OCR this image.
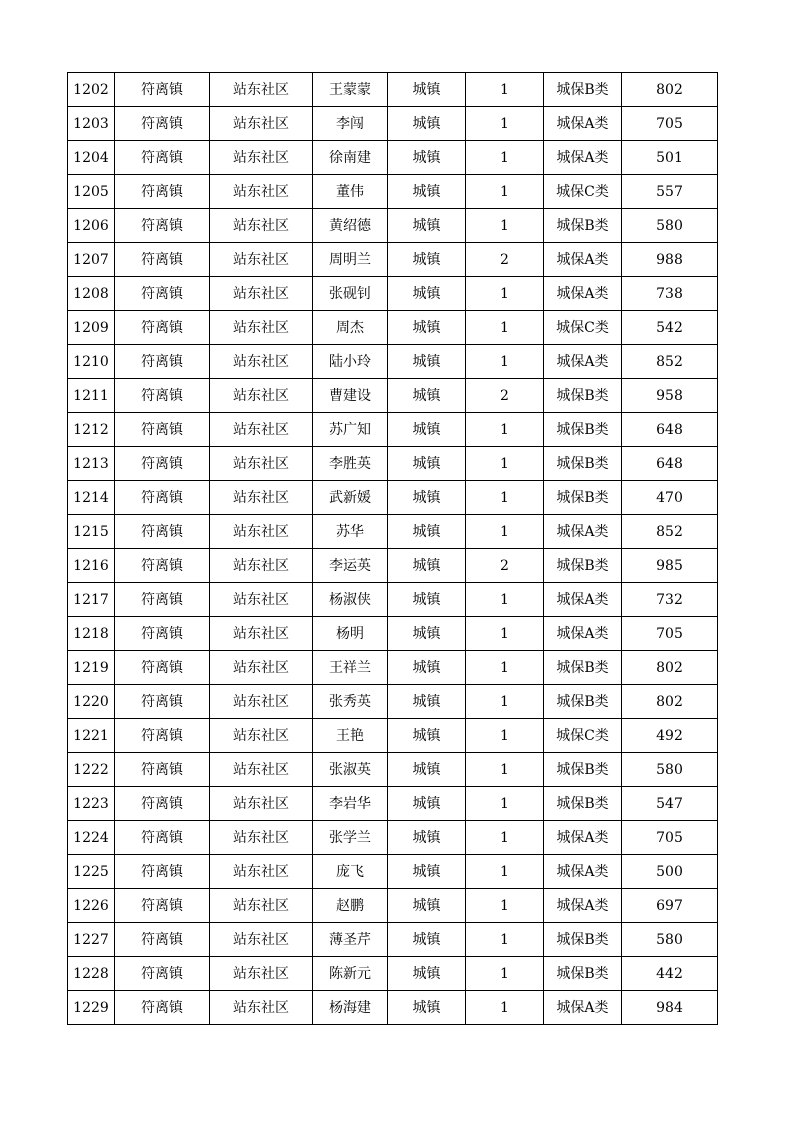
1202	符离镇	站东社区	王蒙蒙	城镇	1	城保B类	802
1203	符离镇	站东社区	李闯	城镇	1	城保A类	705
1204	符离镇	站东社区	徐南建	城镇	1	城保A类	501
1205	符离镇	站东社区	董伟	城镇	1	城保C类	557
1206	符离镇	站东社区	黄绍德	城镇	1	城保B类	580
1207	符离镇	站东社区	周明兰	城镇	2	城保A类	988
1208	符离镇	站东社区	张砚钊	城镇	1	城保A类	738
1209	符离镇	站东社区	周杰	城镇	1	城保C类	542
1210	符离镇	站东社区	陆小玲	城镇	1	城保A类	852
1211	符离镇	站东社区	曹建设	城镇	2	城保B类	958
1212	符离镇	站东社区	苏广知	城镇	1	城保B类	648
1213	符离镇	站东社区	李胜英	城镇	1	城保B类	648
1214	符离镇	站东社区	武新媛	城镇	1	城保B类	470
1215	符离镇	站东社区	苏华	城镇	1	城保A类	852
1216	符离镇	站东社区	李运英	城镇	2	城保B类	985
1217	符离镇	站东社区	杨淑侠	城镇	1	城保A类	732
1218	符离镇	站东社区	杨明	城镇	1	城保A类	705
1219	符离镇	站东社区	王祥兰	城镇	1	城保B类	802
1220	符离镇	站东社区	张秀英	城镇	1	城保B类	802
1221	符离镇	站东社区	王艳	城镇	1	城保C类	492
1222	符离镇	站东社区	张淑英	城镇	1	城保B类	580
1223	符离镇	站东社区	李岩华	城镇	1	城保B类	547
1224	符离镇	站东社区	张学兰	城镇	1	城保A类	705
1225	符离镇	站东社区	庞飞	城镇	1	城保A类	500
1226	符离镇	站东社区	赵鹏	城镇	1	城保A类	697
1227	符离镇	站东社区	薄圣芹	城镇	1	城保B类	580
1228	符离镇	站东社区	陈新元	城镇	1	城保B类	442
1229	符离镇	站东社区	杨海建	城镇	1	城保A类	984
